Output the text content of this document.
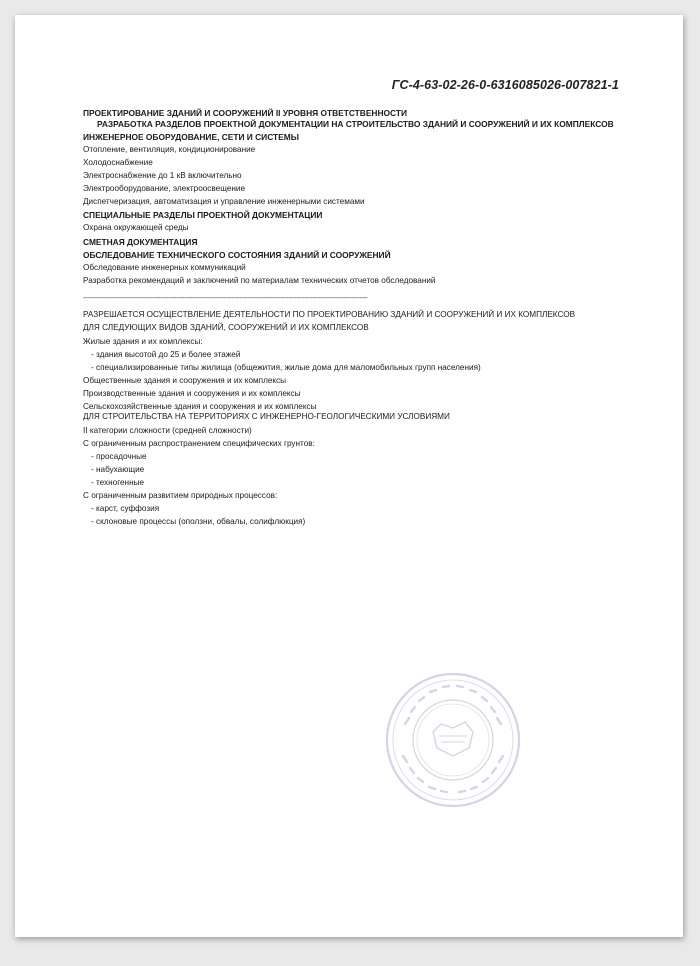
ГС-4-63-02-26-0-6316085026-007821-1

ПРОЕКТИРОВАНИЕ ЗДАНИЙ И СООРУЖЕНИЙ II УРОВНЯ ОТВЕТСТВЕННОСТИ

РАЗРАБОТКА РАЗДЕЛОВ ПРОЕКТНОЙ ДОКУМЕНТАЦИИ НА СТРОИТЕЛЬСТВО ЗДАНИЙ И СООРУЖЕНИЙ И ИХ КОМПЛЕКСОВ

ИНЖЕНЕРНОЕ ОБОРУДОВАНИЕ, СЕТИ И СИСТЕМЫ

Отопление, вентиляция, кондиционирование

Холодоснабжение

Электроснабжение до 1 кВ включительно

Электрооборудование, электроосвещение

Диспетчеризация, автоматизация и управление инженерными системами

СПЕЦИАЛЬНЫЕ РАЗДЕЛЫ ПРОЕКТНОЙ ДОКУМЕНТАЦИИ

Охрана окружающей среды

СМЕТНАЯ ДОКУМЕНТАЦИЯ

ОБСЛЕДОВАНИЕ ТЕХНИЧЕСКОГО СОСТОЯНИЯ ЗДАНИЙ И СООРУЖЕНИЙ

Обследование инженерных коммуникаций

Разработка рекомендаций и заключений по материалам технических отчетов обследований

--------------------------------------------------------------------------------------------------------------------------------------------

РАЗРЕШАЕТСЯ ОСУЩЕСТВЛЕНИЕ ДЕЯТЕЛЬНОСТИ ПО ПРОЕКТИРОВАНИЮ ЗДАНИЙ И СООРУЖЕНИЙ И ИХ КОМПЛЕКСОВ

ДЛЯ СЛЕДУЮЩИХ ВИДОВ ЗДАНИЙ, СООРУЖЕНИЙ И ИХ КОМПЛЕКСОВ

Жилые здания и их комплексы:

- здания высотой до 25 и более этажей

- специализированные типы жилища (общежития, жилые дома для маломобильных групп населения)

Общественные здания и сооружения и их комплексы

Производственные здания и сооружения и их комплексы

Сельскохозяйственные здания и сооружения и их комплексы

ДЛЯ СТРОИТЕЛЬСТВА НА ТЕРРИТОРИЯХ С ИНЖЕНЕРНО-ГЕОЛОГИЧЕСКИМИ УСЛОВИЯМИ

II категории сложности (средней сложности)

С ограниченным распространением специфических грунтов:

- просадочные

- набухающие

- техногенные

С ограниченным развитием природных процессов:

- карст, суффозия

- склоновые процессы (оползни, обвалы, солифлюкция)
